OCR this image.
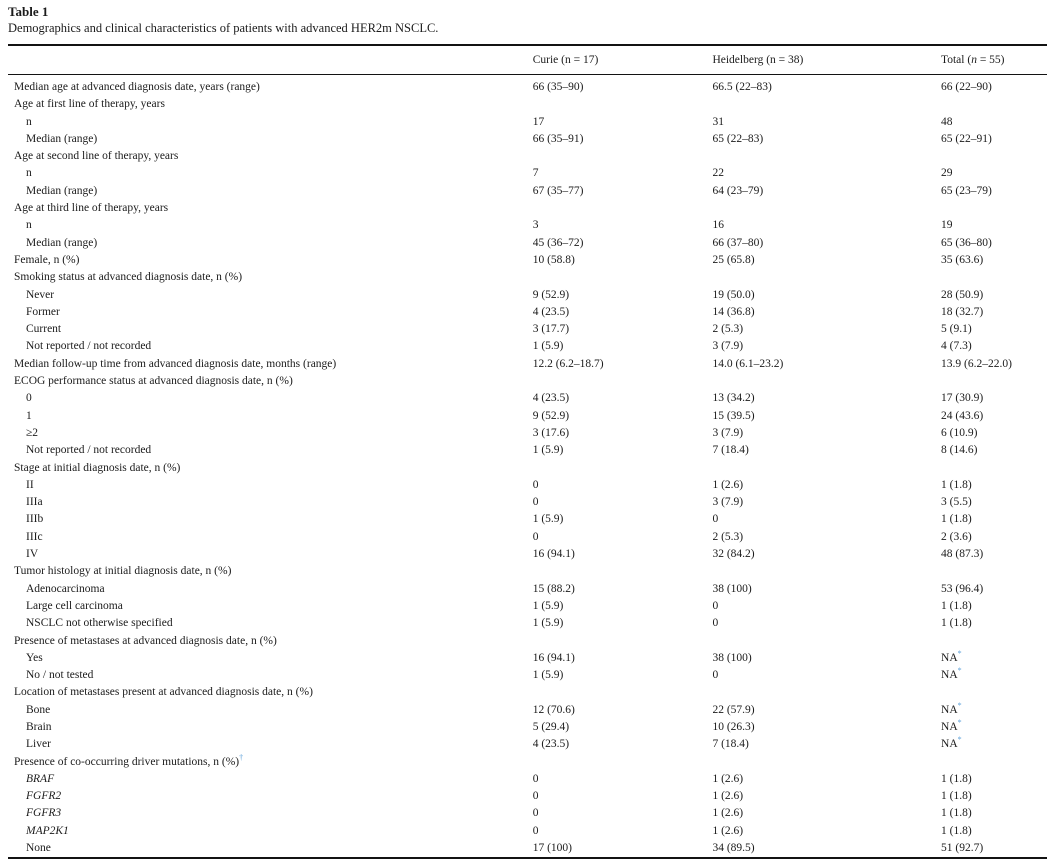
Table 1

Demographics and clinical characteristics of patients with advanced HER2m NSCLC.

	Curie (n = 17)	Heidelberg (n = 38)	Total (n = 55)
Median age at advanced diagnosis date, years (range)	66 (35–90)	66.5 (22–83)	66 (22–90)
Age at first line of therapy, years			
n	17	31	48
Median (range)	66 (35–91)	65 (22–83)	65 (22–91)
Age at second line of therapy, years			
n	7	22	29
Median (range)	67 (35–77)	64 (23–79)	65 (23–79)
Age at third line of therapy, years			
n	3	16	19
Median (range)	45 (36–72)	66 (37–80)	65 (36–80)
Female, n (%)	10 (58.8)	25 (65.8)	35 (63.6)
Smoking status at advanced diagnosis date, n (%)			
Never	9 (52.9)	19 (50.0)	28 (50.9)
Former	4 (23.5)	14 (36.8)	18 (32.7)
Current	3 (17.7)	2 (5.3)	5 (9.1)
Not reported / not recorded	1 (5.9)	3 (7.9)	4 (7.3)
Median follow-up time from advanced diagnosis date, months (range)	12.2 (6.2–18.7)	14.0 (6.1–23.2)	13.9 (6.2–22.0)
ECOG performance status at advanced diagnosis date, n (%)			
0	4 (23.5)	13 (34.2)	17 (30.9)
1	9 (52.9)	15 (39.5)	24 (43.6)
≥2	3 (17.6)	3 (7.9)	6 (10.9)
Not reported / not recorded	1 (5.9)	7 (18.4)	8 (14.6)
Stage at initial diagnosis date, n (%)			
II	0	1 (2.6)	1 (1.8)
IIIa	0	3 (7.9)	3 (5.5)
IIIb	1 (5.9)	0	1 (1.8)
IIIc	0	2 (5.3)	2 (3.6)
IV	16 (94.1)	32 (84.2)	48 (87.3)
Tumor histology at initial diagnosis date, n (%)			
Adenocarcinoma	15 (88.2)	38 (100)	53 (96.4)
Large cell carcinoma	1 (5.9)	0	1 (1.8)
NSCLC not otherwise specified	1 (5.9)	0	1 (1.8)
Presence of metastases at advanced diagnosis date, n (%)			
Yes	16 (94.1)	38 (100)	NA*
No / not tested	1 (5.9)	0	NA*
Location of metastases present at advanced diagnosis date, n (%)			
Bone	12 (70.6)	22 (57.9)	NA*
Brain	5 (29.4)	10 (26.3)	NA*
Liver	4 (23.5)	7 (18.4)	NA*
Presence of co-occurring driver mutations, n (%)†			
BRAF	0	1 (2.6)	1 (1.8)
FGFR2	0	1 (2.6)	1 (1.8)
FGFR3	0	1 (2.6)	1 (1.8)
MAP2K1	0	1 (2.6)	1 (1.8)
None	17 (100)	34 (89.5)	51 (92.7)
